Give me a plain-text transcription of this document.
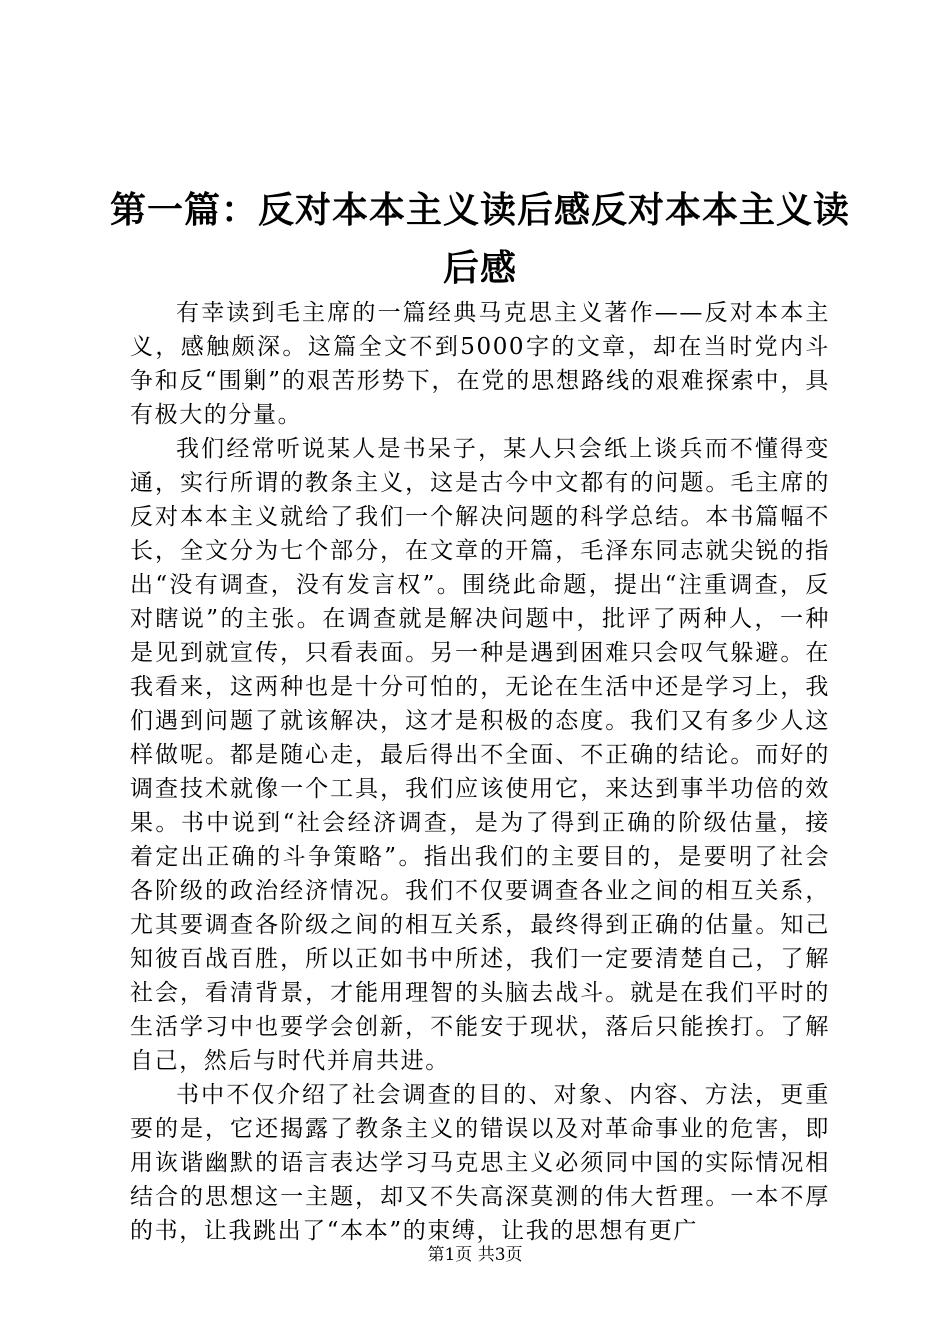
第一篇：反对本本主义读后感反对本本主义读后感

有幸读到毛主席的一篇经典马克思主义著作——反对本本主义，感触颇深。这篇全文不到5000字的文章，却在当时党内斗争和反“围剿”的艰苦形势下，在党的思想路线的艰难探索中，具有极大的分量。

我们经常听说某人是书呆子，某人只会纸上谈兵而不懂得变通，实行所谓的教条主义，这是古今中文都有的问题。毛主席的反对本本主义就给了我们一个解决问题的科学总结。本书篇幅不长，全文分为七个部分，在文章的开篇，毛泽东同志就尖锐的指出“没有调查，没有发言权”。围绕此命题，提出“注重调查，反对瞎说”的主张。在调查就是解决问题中，批评了两种人，一种是见到就宣传，只看表面。另一种是遇到困难只会叹气躲避。在我看来，这两种也是十分可怕的，无论在生活中还是学习上，我们遇到问题了就该解决，这才是积极的态度。我们又有多少人这样做呢。都是随心走，最后得出不全面、不正确的结论。而好的调查技术就像一个工具，我们应该使用它，来达到事半功倍的效果。书中说到“社会经济调查，是为了得到正确的阶级估量，接着定出正确的斗争策略”。指出我们的主要目的，是要明了社会各阶级的政治经济情况。我们不仅要调查各业之间的相互关系，尤其要调查各阶级之间的相互关系，最终得到正确的估量。知己知彼百战百胜，所以正如书中所述，我们一定要清楚自己，了解社会，看清背景，才能用理智的头脑去战斗。就是在我们平时的生活学习中也要学会创新，不能安于现状，落后只能挨打。了解自己，然后与时代并肩共进。

书中不仅介绍了社会调查的目的、对象、内容、方法，更重要的是，它还揭露了教条主义的错误以及对革命事业的危害，即用诙谐幽默的语言表达学习马克思主义必须同中国的实际情况相结合的思想这一主题，却又不失高深莫测的伟大哲理。一本不厚的书，让我跳出了“本本”的束缚，让我的思想有更广

第1页 共3页
